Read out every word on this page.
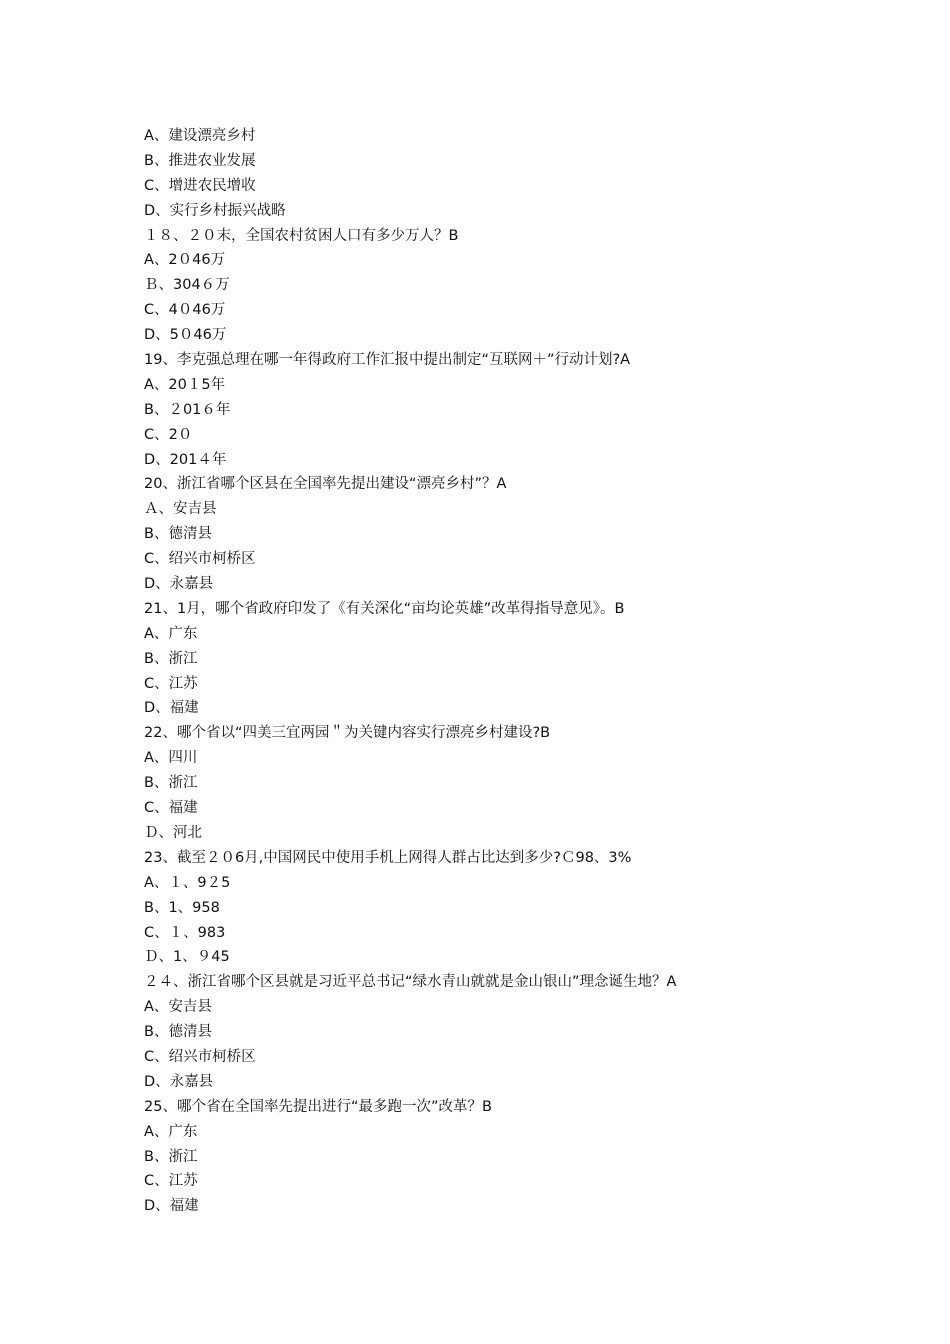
A、建设漂亮乡村
B、推进农业发展
C、增进农民增收
D、实行乡村振兴战略
１８、２０末，全国农村贫困人口有多少万人？B
A、2０46万
Ｂ、304６万
C、4０46万
D、5０46万
19、李克强总理在哪一年得政府工作汇报中提出制定“互联网＋”行动计划?A
A、20１5年
B、２01６年
C、2０
D、201４年
20、浙江省哪个区县在全国率先提出建设“漂亮乡村”？A
Ａ、安吉县
B、德清县
C、绍兴市柯桥区
D、永嘉县
21、1月，哪个省政府印发了《有关深化“亩均论英雄”改革得指导意见》。B
A、广东
B、浙江
C、江苏
D、福建
22、哪个省以“四美三宜两园＂为关键内容实行漂亮乡村建设?B
A、四川
B、浙江
C、福建
Ｄ、河北
23、截至２０6月,中国网民中使用手机上网得人群占比达到多少?Ｃ98、3%
A、１、9２5
B、1、958
C、１、983
Ｄ、1、９45
２４、浙江省哪个区县就是习近平总书记“绿水青山就就是金山银山”理念诞生地？A
A、安吉县
B、德清县
C、绍兴市柯桥区
D、永嘉县
25、哪个省在全国率先提出进行“最多跑一次”改革？B
A、广东
B、浙江
C、江苏
D、福建
